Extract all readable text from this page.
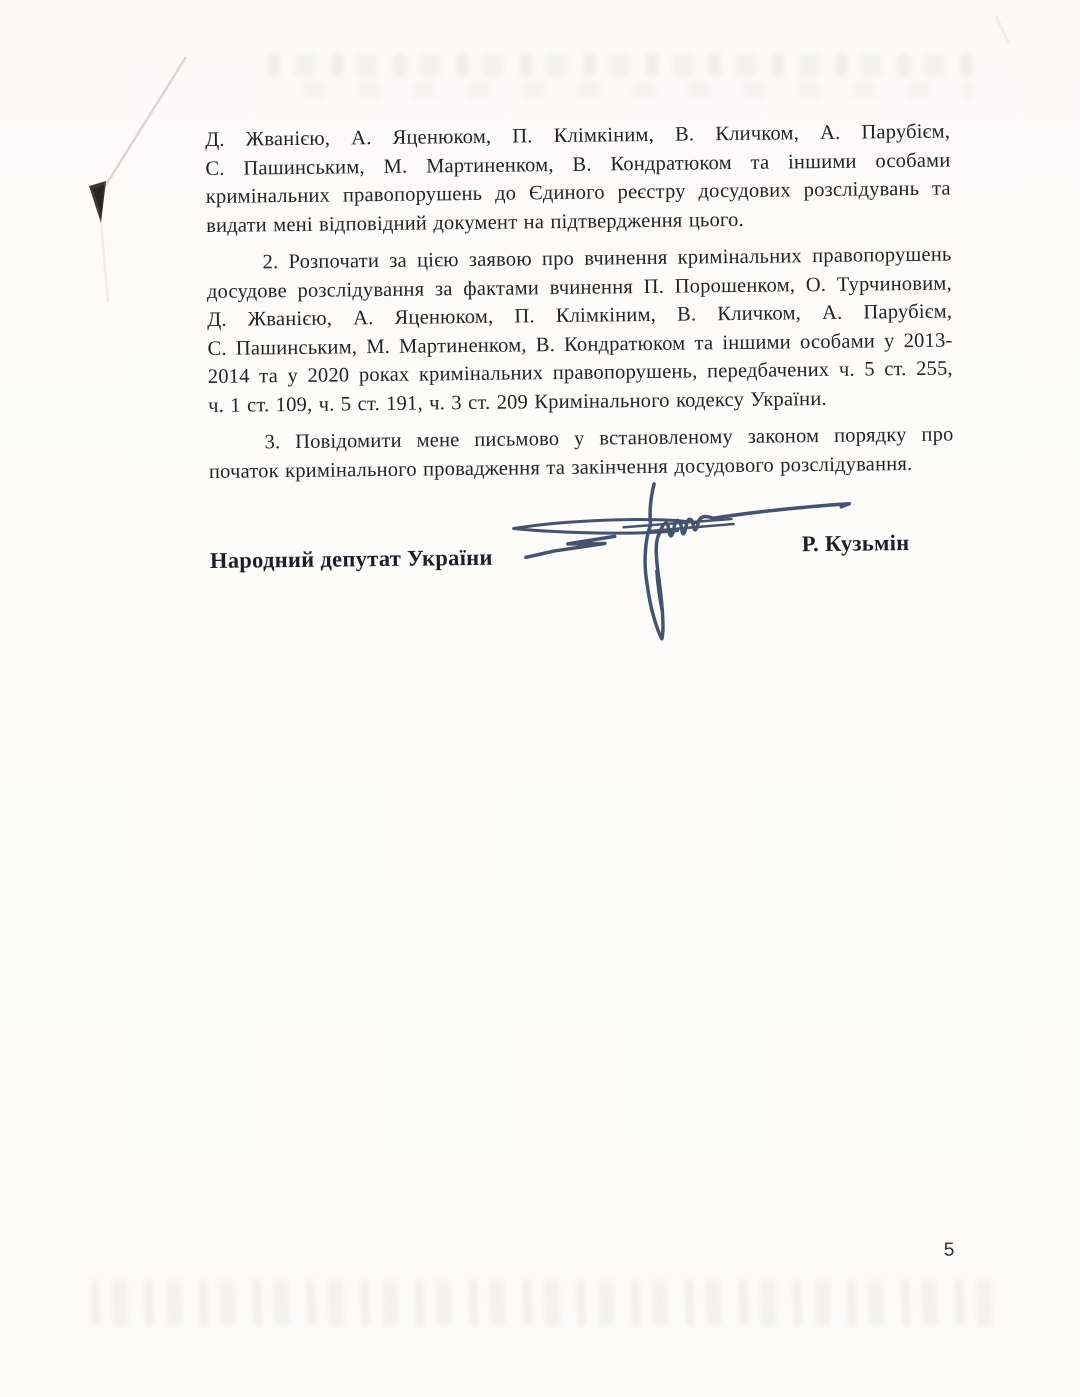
Д. Жванією, А. Яценюком, П. Клімкіним, В. Кличком, А. Парубієм,
С. Пашинським, М. Мартиненком, В. Кондратюком та іншими особами
кримінальних правопорушень до Єдиного реєстру досудових розслідувань та
видати мені відповідний документ на підтвердження цього.
2. Розпочати за цією заявою про вчинення кримінальних правопорушень
досудове розслідування за фактами вчинення П. Порошенком, О. Турчиновим,
Д. Жванією, А. Яценюком, П. Клімкіним, В. Кличком, А. Парубієм,
С. Пашинським, М. Мартиненком, В. Кондратюком та іншими особами у 2013-
2014 та у 2020 роках кримінальних правопорушень, передбачених ч. 5 ст. 255,
ч. 1 ст. 109, ч. 5 ст. 191, ч. 3 ст. 209 Кримінального кодексу України.
3. Повідомити мене письмово у встановленому законом порядку про
початок кримінального провадження та закінчення досудового розслідування.
Народний депутат України
Р. Кузьмін
5
